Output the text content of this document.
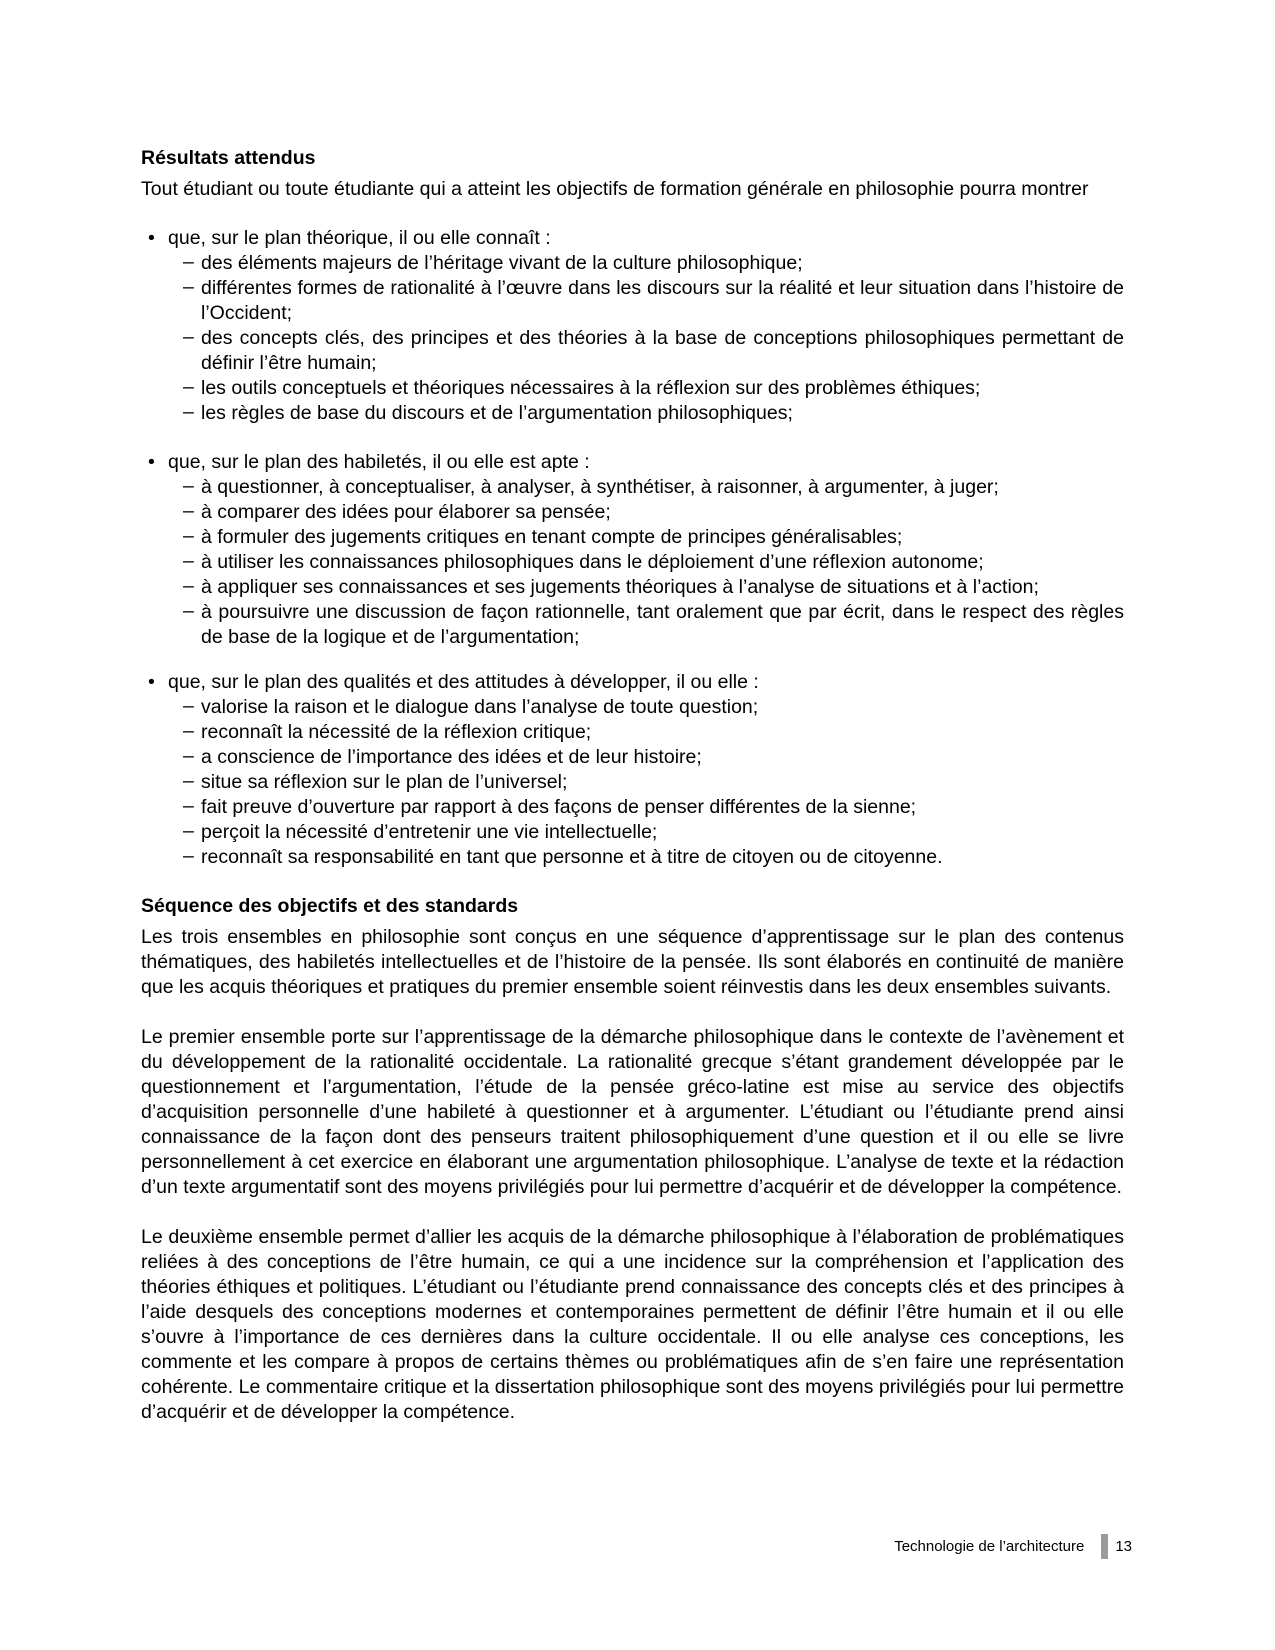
Résultats attendus

Tout étudiant ou toute étudiante qui a atteint les objectifs de formation générale en philosophie pourra montrer

• que, sur le plan théorique, il ou elle connaît :
– des éléments majeurs de l’héritage vivant de la culture philosophique;
– différentes formes de rationalité à l’œuvre dans les discours sur la réalité et leur situation dans l’histoire de l’Occident;
– des concepts clés, des principes et des théories à la base de conceptions philosophiques permettant de définir l’être humain;
– les outils conceptuels et théoriques nécessaires à la réflexion sur des problèmes éthiques;
– les règles de base du discours et de l’argumentation philosophiques;
• que, sur le plan des habiletés, il ou elle est apte :
– à questionner, à conceptualiser, à analyser, à synthétiser, à raisonner, à argumenter, à juger;
– à comparer des idées pour élaborer sa pensée;
– à formuler des jugements critiques en tenant compte de principes généralisables;
– à utiliser les connaissances philosophiques dans le déploiement d’une réflexion autonome;
– à appliquer ses connaissances et ses jugements théoriques à l’analyse de situations et à l’action;
– à poursuivre une discussion de façon rationnelle, tant oralement que par écrit, dans le respect des règles de base de la logique et de l’argumentation;
• que, sur le plan des qualités et des attitudes à développer, il ou elle :
– valorise la raison et le dialogue dans l’analyse de toute question;
– reconnaît la nécessité de la réflexion critique;
– a conscience de l’importance des idées et de leur histoire;
– situe sa réflexion sur le plan de l’universel;
– fait preuve d’ouverture par rapport à des façons de penser différentes de la sienne;
– perçoit la nécessité d’entretenir une vie intellectuelle;
– reconnaît sa responsabilité en tant que personne et à titre de citoyen ou de citoyenne.

Séquence des objectifs et des standards

Les trois ensembles en philosophie sont conçus en une séquence d’apprentissage sur le plan des contenus thématiques, des habiletés intellectuelles et de l’histoire de la pensée. Ils sont élaborés en continuité de manière que les acquis théoriques et pratiques du premier ensemble soient réinvestis dans les deux ensembles suivants.

Le premier ensemble porte sur l’apprentissage de la démarche philosophique dans le contexte de l’avènement et du développement de la rationalité occidentale. La rationalité grecque s’étant grandement développée par le questionnement et l’argumentation, l’étude de la pensée gréco-latine est mise au service des objectifs d’acquisition personnelle d’une habileté à questionner et à argumenter. L’étudiant ou l’étudiante prend ainsi connaissance de la façon dont des penseurs traitent philosophiquement d’une question et il ou elle se livre personnellement à cet exercice en élaborant une argumentation philosophique. L’analyse de texte et la rédaction d’un texte argumentatif sont des moyens privilégiés pour lui permettre d’acquérir et de développer la compétence.

Le deuxième ensemble permet d’allier les acquis de la démarche philosophique à l’élaboration de problématiques reliées à des conceptions de l’être humain, ce qui a une incidence sur la compréhension et l’application des théories éthiques et politiques. L’étudiant ou l’étudiante prend connaissance des concepts clés et des principes à l’aide desquels des conceptions modernes et contemporaines permettent de définir l’être humain et il ou elle s’ouvre à l’importance de ces dernières dans la culture occidentale. Il ou elle analyse ces conceptions, les commente et les compare à propos de certains thèmes ou problématiques afin de s’en faire une représentation cohérente. Le commentaire critique et la dissertation philosophique sont des moyens privilégiés pour lui permettre d’acquérir et de développer la compétence.

Technologie de l’architecture 13
